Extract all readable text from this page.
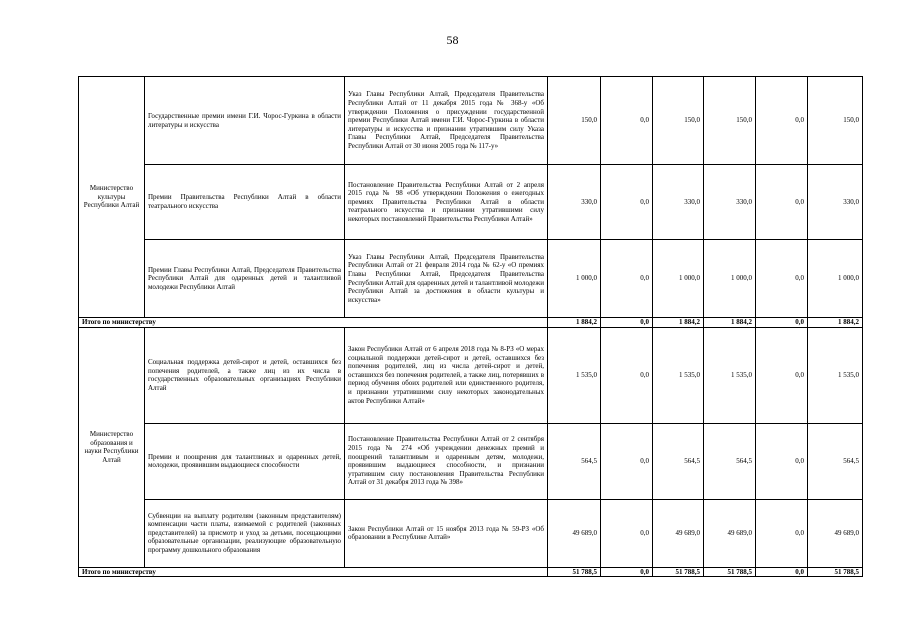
58
Министерство культуры Республики Алтай	Государственные премии имени Г.И. Чорос-Гуркина в области литературы и искусства	Указ Главы Республики Алтай, Председателя Правительства Республики Алтай от 11 декабря 2015 года № 368-у «Об утверждении Положения о присуждении государственной премии Республики Алтай имени Г.И. Чорос-Гуркина в области литературы и искусства и признании утратившим силу Указа Главы Республики Алтай, Председателя Правительства Республики Алтай от 30 июня 2005 года № 117-у»	150,0	0,0	150,0	150,0	0,0	150,0
	Премии Правительства Республики Алтай в области театрального искусства	Постановление Правительства Республики Алтай от 2 апреля 2015 года № 98 «Об утверждении Положения о ежегодных премиях Правительства Республики Алтай в области театрального искусства и признании утратившими силу некоторых постановлений Правительства Республики Алтай»	330,0	0,0	330,0	330,0	0,0	330,0
	Премии Главы Республики Алтай, Председателя Правительства Республики Алтай для одаренных детей и талантливой молодежи Республики Алтай	Указ Главы Республики Алтай, Председателя Правительства Республики Алтай от 21 февраля 2014 года № 62-у «О премиях Главы Республики Алтай, Председателя Правительства Республики Алтай для одаренных детей и талантливой молодежи Республики Алтай за достижения в области культуры и искусства»	1 000,0	0,0	1 000,0	1 000,0	0,0	1 000,0
Итого по министерству			1 884,2	0,0	1 884,2	1 884,2	0,0	1 884,2
Министерство образования и науки Республики Алтай	Социальная поддержка детей-сирот и детей, оставшихся без попечения родителей, а также лиц из их числа в государственных образовательных организациях Республики Алтай	Закон Республики Алтай от 6 апреля 2018 года № 8-РЗ «О мерах социальной поддержки детей-сирот и детей, оставшихся без попечения родителей, лиц из числа детей-сирот и детей, оставшихся без попечения родителей, а также лиц, потерявших в период обучения обоих родителей или единственного родителя, и признании утратившими силу некоторых законодательных актов Республики Алтай»	1 535,0	0,0	1 535,0	1 535,0	0,0	1 535,0
	Премии и поощрения для талантливых и одаренных детей, молодежи, проявившим выдающиеся способности	Постановление Правительства Республики Алтай от 2 сентября 2015 года № 274 «Об учреждении денежных премий и поощрений талантливым и одаренным детям, молодежи, проявившим выдающиеся способности, и признании утратившим силу постановления Правительства Республики Алтай от 31 декабря 2013 года № 398»	564,5	0,0	564,5	564,5	0,0	564,5
	Субвенции на выплату родителям (законным представителям) компенсации части платы, взимаемой с родителей (законных представителей) за присмотр и уход за детьми, посещающими образовательные организации, реализующие образовательную программу дошкольного образования	Закон Республики Алтай от 15 ноября 2013 года № 59-РЗ «Об образовании в Республике Алтай»	49 689,0	0,0	49 689,0	49 689,0	0,0	49 689,0
Итого по министерству			51 788,5	0,0	51 788,5	51 788,5	0,0	51 788,5
